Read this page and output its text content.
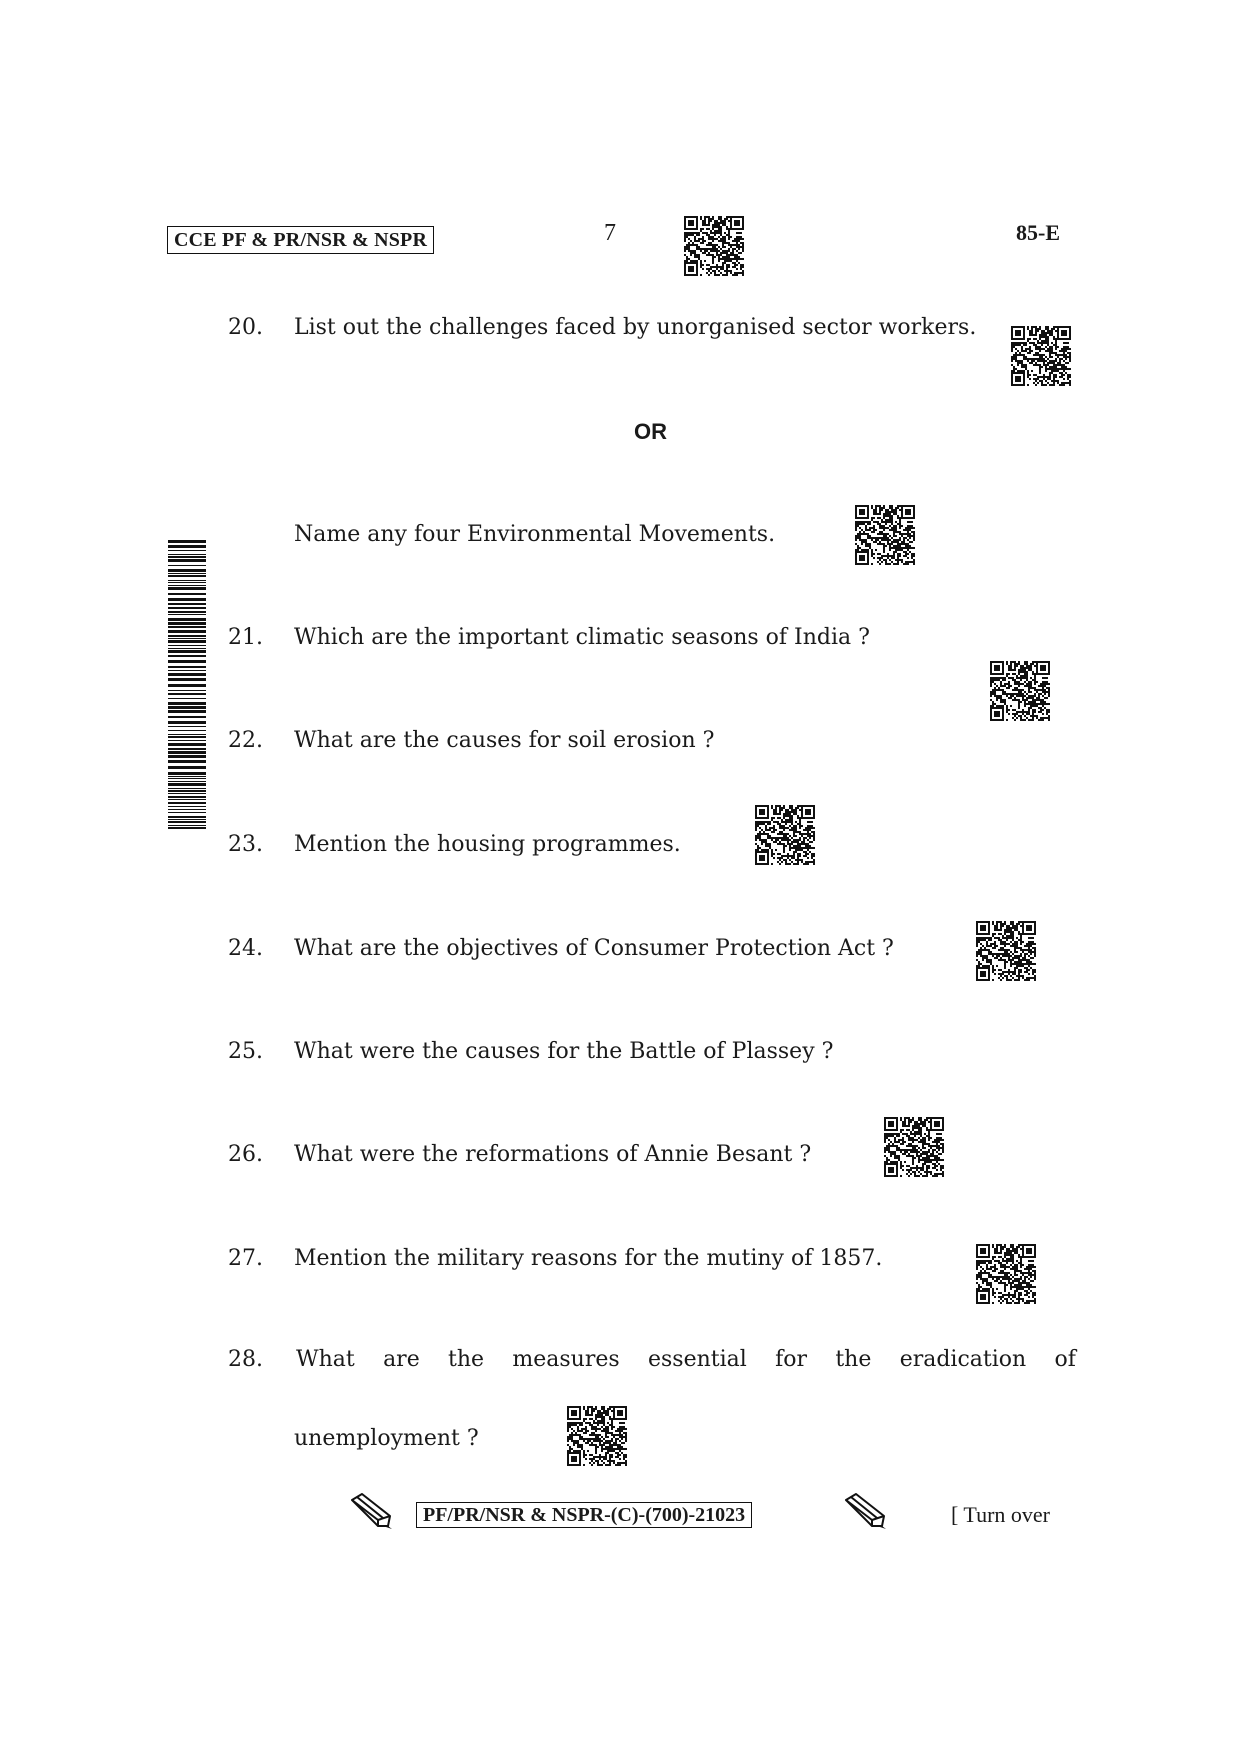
CCE PF & PR/NSR & NSPR	7	85-E
20. List out the challenges faced by unorganised sector workers.
OR
Name any four Environmental Movements.
21. Which are the important climatic seasons of India ?
22. What are the causes for soil erosion ?
23. Mention the housing programmes.
24. What are the objectives of Consumer Protection Act ?
25. What were the causes for the Battle of Plassey ?
26. What were the reformations of Annie Besant ?
27. Mention the military reasons for the mutiny of 1857.
28. What are the measures essential for the eradication of
unemployment ?
PF/PR/NSR & NSPR-(C)-(700)-21023	[ Turn over
